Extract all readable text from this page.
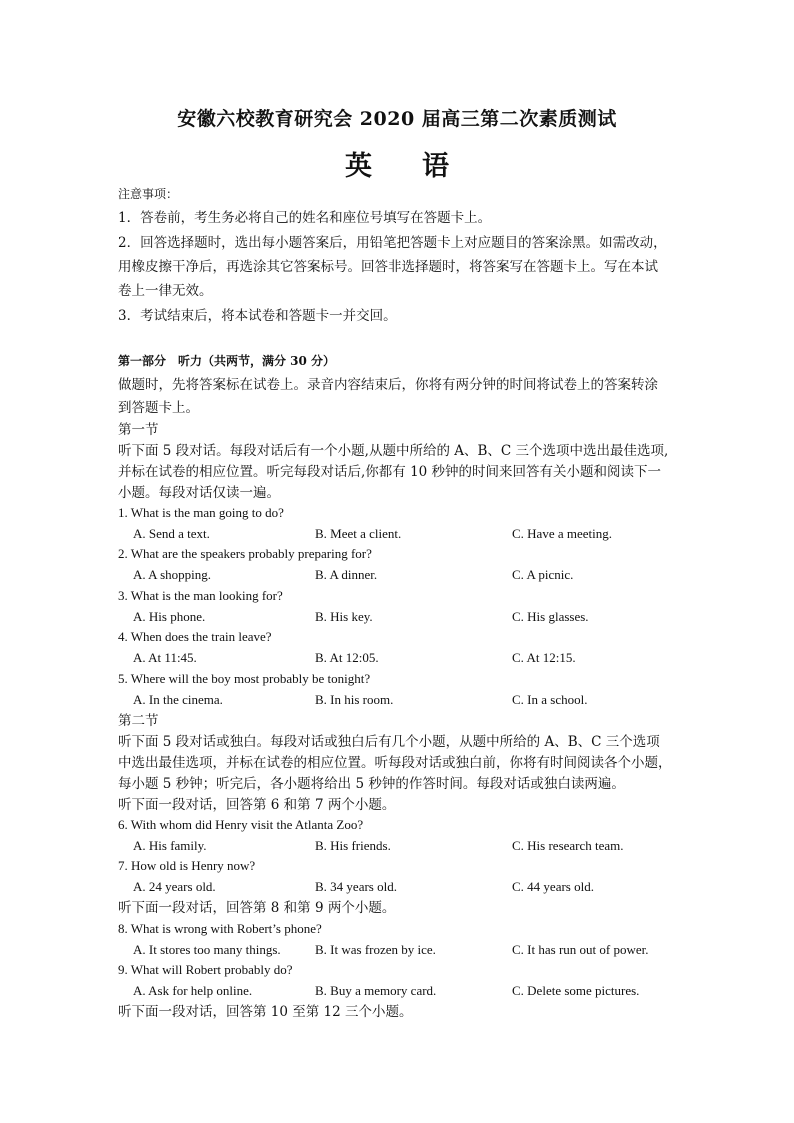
安徽六校教育研究会 2020 届高三第二次素质测试
英语
注意事项：
1．答卷前，考生务必将自己的姓名和座位号填写在答题卡上。
2．回答选择题时，选出每小题答案后，用铅笔把答题卡上对应题目的答案涂黑。如需改动，
用橡皮擦干净后，再选涂其它答案标号。回答非选择题时，将答案写在答题卡上。写在本试
卷上一律无效。
3．考试结束后，将本试卷和答题卡一并交回。
第一部分　听力（共两节，满分 30 分）
做题时，先将答案标在试卷上。录音内容结束后，你将有两分钟的时间将试卷上的答案转涂
到答题卡上。
第一节
听下面 5 段对话。每段对话后有一个小题,从题中所给的 A、B、C 三个选项中选出最佳选项,
并标在试卷的相应位置。听完每段对话后,你都有 10 秒钟的时间来回答有关小题和阅读下一
小题。每段对话仅读一遍。
1. What is the man going to do?
A. Send a text.	B. Meet a client.	C. Have a meeting.
2. What are the speakers probably preparing for?
A. A shopping.	B. A dinner.	C. A picnic.
3. What is the man looking for?
A. His phone.	B. His key.	C. His glasses.
4. When does the train leave?
A. At 11:45.	B. At 12:05.	C. At 12:15.
5. Where will the boy most probably be tonight?
A. In the cinema.	B. In his room.	C. In a school.
第二节
听下面 5 段对话或独白。每段对话或独白后有几个小题，从题中所给的 A、B、C 三个选项
中选出最佳选项，并标在试卷的相应位置。听每段对话或独白前，你将有时间阅读各个小题，
每小题 5 秒钟；听完后，各小题将给出 5 秒钟的作答时间。每段对话或独白读两遍。
听下面一段对话，回答第 6 和第 7 两个小题。
6. With whom did Henry visit the Atlanta Zoo?
A. His family.	B. His friends.	C. His research team.
7. How old is Henry now?
A. 24 years old.	B. 34 years old.	C. 44 years old.
听下面一段对话，回答第 8 和第 9 两个小题。
8. What is wrong with Robert’s phone?
A. It stores too many things.	B. It was frozen by ice.	C. It has run out of power.
9. What will Robert probably do?
A. Ask for help online.	B. Buy a memory card.	C. Delete some pictures.
听下面一段对话，回答第 10 至第 12 三个小题。
